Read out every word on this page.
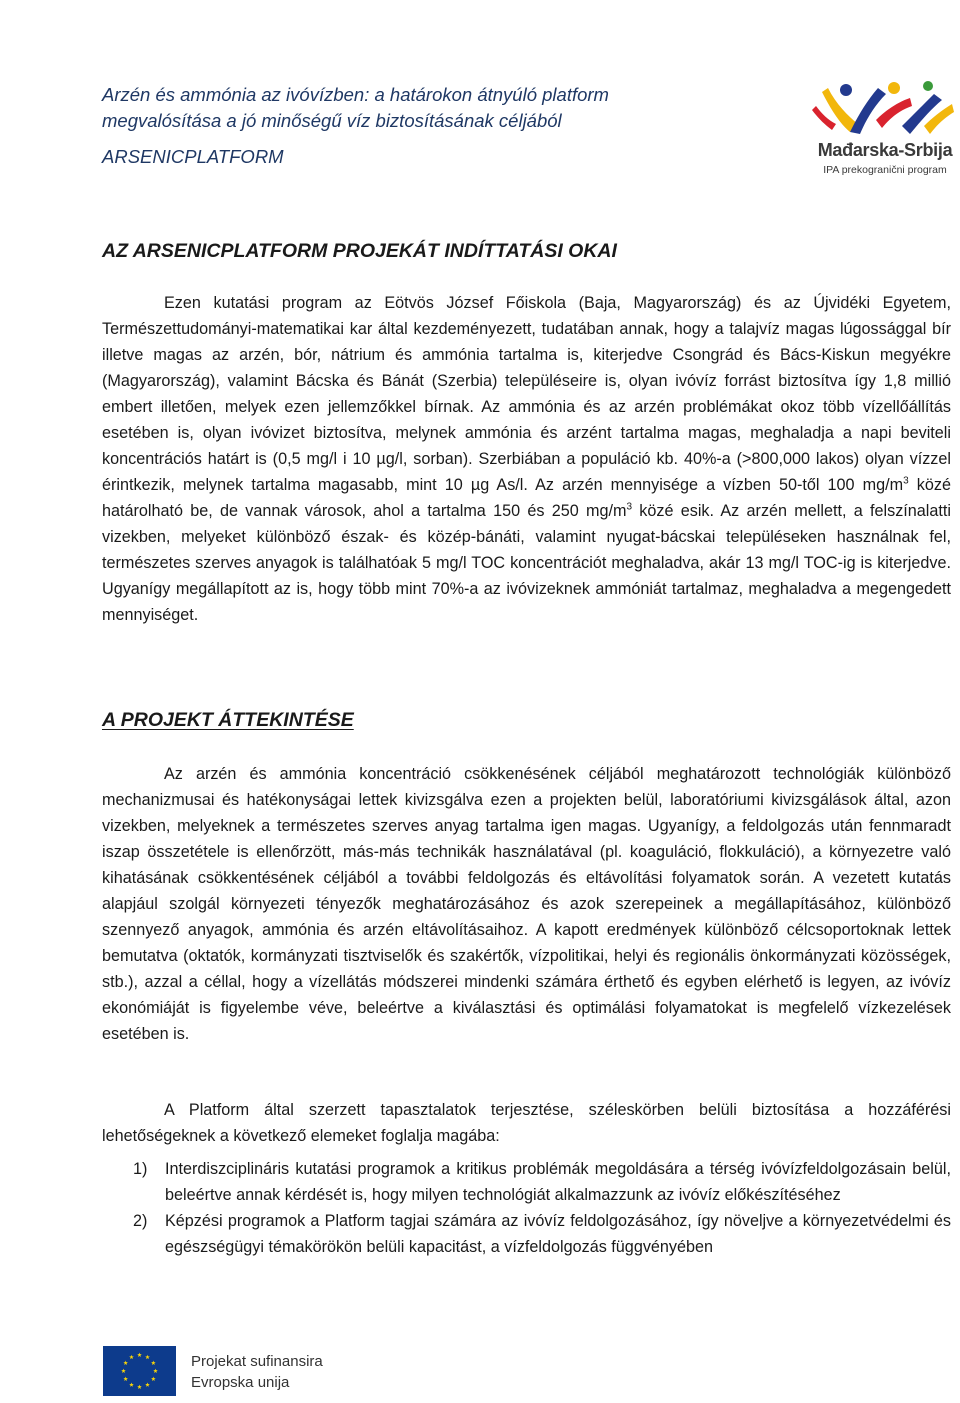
Arzén és ammónia az ivóvízben: a határokon átnyúló platform
megvalósítása a jó minőségű víz biztosításának céljából
ARSENICPLATFORM	Mađarska-Srbija
IPA prekogranični program
AZ ARSENICPLATFORM PROJEKÁT INDÍTTATÁSI OKAI

Ezen kutatási program az Eötvös József Főiskola (Baja, Magyarország) és az Újvidéki Egyetem, Természettudományi-matematikai kar által kezdeményezett, tudatában annak, hogy a talajvíz magas lúgossággal bír illetve magas az arzén, bór, nátrium és ammónia tartalma is, kiterjedve Csongrád és Bács-Kiskun megyékre (Magyarország), valamint Bácska és Bánát (Szerbia) településeire is, olyan ivóvíz forrást biztosítva így 1,8 millió embert illetően, melyek ezen jellemzőkkel bírnak. Az ammónia és az arzén problémákat okoz több vízellőállítás esetében is, olyan ivóvizet biztosítva, melynek ammónia és arzént tartalma magas, meghaladja a napi beviteli koncentrációs határt is (0,5 mg/l i 10 µg/l, sorban). Szerbiában a populáció kb. 40%-a (>800,000 lakos) olyan vízzel érintkezik, melynek tartalma magasabb, mint 10 µg As/l. Az arzén mennyisége a vízben 50-től 100 $mg/m^3$ közé határolható be, de vannak városok, ahol a tartalma 150 és 250 $mg/m^3$ közé esik. Az arzén mellett, a felszínalatti vizekben, melyeket különböző észak- és közép-bánáti, valamint nyugat-bácskai településeken használnak fel, természetes szerves anyagok is találhatóak 5 mg/l TOC koncentrációt meghaladva, akár 13 mg/l TOC-ig is kiterjedve. Ugyanígy megállapított az is, hogy több mint 70%-a az ivóvizeknek ammóniát tartalmaz, meghaladva a megengedett mennyiséget.

A PROJEKT ÁTTEKINTÉSE

Az arzén és ammónia koncentráció csökkenésének céljából meghatározott technológiák különböző mechanizmusai és hatékonyságai lettek kivizsgálva ezen a projekten belül, laboratóriumi kivizsgálások által, azon vizekben, melyeknek a természetes szerves anyag tartalma igen magas. Ugyanígy, a feldolgozás után fennmaradt iszap összetétele is ellenőrzött, más-más technikák használatával (pl. koaguláció, flokkuláció), a környezetre való kihatásának csökkentésének céljából a további feldolgozás és eltávolítási folyamatok során. A vezetett kutatás alapjául szolgál környezeti tényezők meghatározásához és azok szerepeinek a megállapításához, különböző szennyező anyagok, ammónia és arzén eltávolításaihoz. A kapott eredmények különböző célcsoportoknak lettek bemutatva (oktatók, kormányzati tisztviselők és szakértők, vízpolitikai, helyi és regionális önkormányzati közösségek, stb.), azzal a céllal, hogy a vízellátás módszerei mindenki számára érthető és egyben elérhető is legyen, az ivóvíz ekonómiáját is figyelembe véve, beleértve a kiválasztási és optimálási folyamatokat is megfelelő vízkezelések esetében is.

A Platform által szerzett tapasztalatok terjesztése, széleskörben belüli biztosítása a hozzáférési lehetőségeknek a következő elemeket foglalja magába:

1) Interdiszciplináris kutatási programok a kritikus problémák megoldására a térség ivóvízfeldolgozásain belül, beleértve annak kérdését is, hogy milyen technológiát alkalmazzunk az ivóvíz előkészítéséhez
2) Képzési programok a Platform tagjai számára az ivóvíz feldolgozásához, így növeljve a környezetvédelmi és egészségügyi témakörökön belüli kapacitást, a vízfeldolgozás függvényében
Projekat sufinansira
Evropska unija
